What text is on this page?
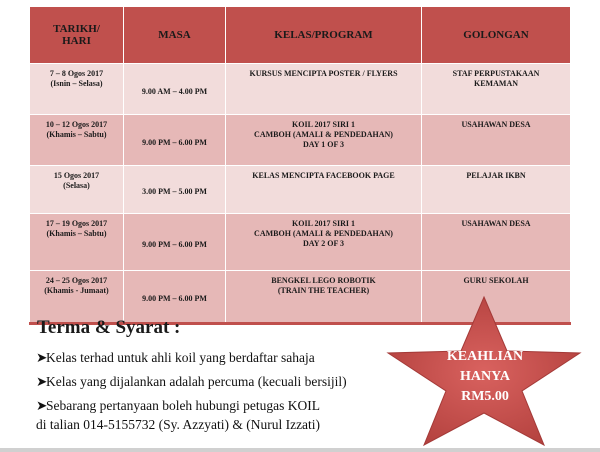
TARIKH/
HARI	MASA	KELAS/PROGRAM	GOLONGAN
7 – 8 Ogos 2017
(Isnin – Selasa)	9.00 AM – 4.00 PM	KURSUS MENCIPTA POSTER / FLYERS	STAF PERPUSTAKAAN KEMAMAN
10 – 12 Ogos 2017
(Khamis – Sabtu)	9.00 PM – 6.00 PM	KOIL 2017 SIRI 1
CAMBOH (AMALI & PENDEDAHAN)
DAY 1 OF 3	USAHAWAN DESA
15 Ogos 2017
(Selasa)	3.00 PM – 5.00 PM	KELAS MENCIPTA FACEBOOK PAGE	PELAJAR IKBN
17 – 19 Ogos 2017
(Khamis – Sabtu)	9.00 PM – 6.00 PM	KOIL 2017 SIRI 1
CAMBOH (AMALI & PENDEDAHAN)
DAY 2 OF 3	USAHAWAN DESA
24 – 25 Ogos 2017
(Khamis - Jumaat)	9.00 PM – 6.00 PM	BENGKEL LEGO ROBOTIK
(TRAIN THE TEACHER)	GURU SEKOLAH
Terma & Syarat :
➤Kelas terhad untuk ahli koil yang berdaftar sahaja
➤Kelas yang dijalankan adalah percuma (kecuali bersijil)
➤Sebarang pertanyaan boleh hubungi petugas KOIL
di talian 014-5155732 (Sy. Azzyati) & (Nurul Izzati)
KEAHLIAN
HANYA
RM5.00
